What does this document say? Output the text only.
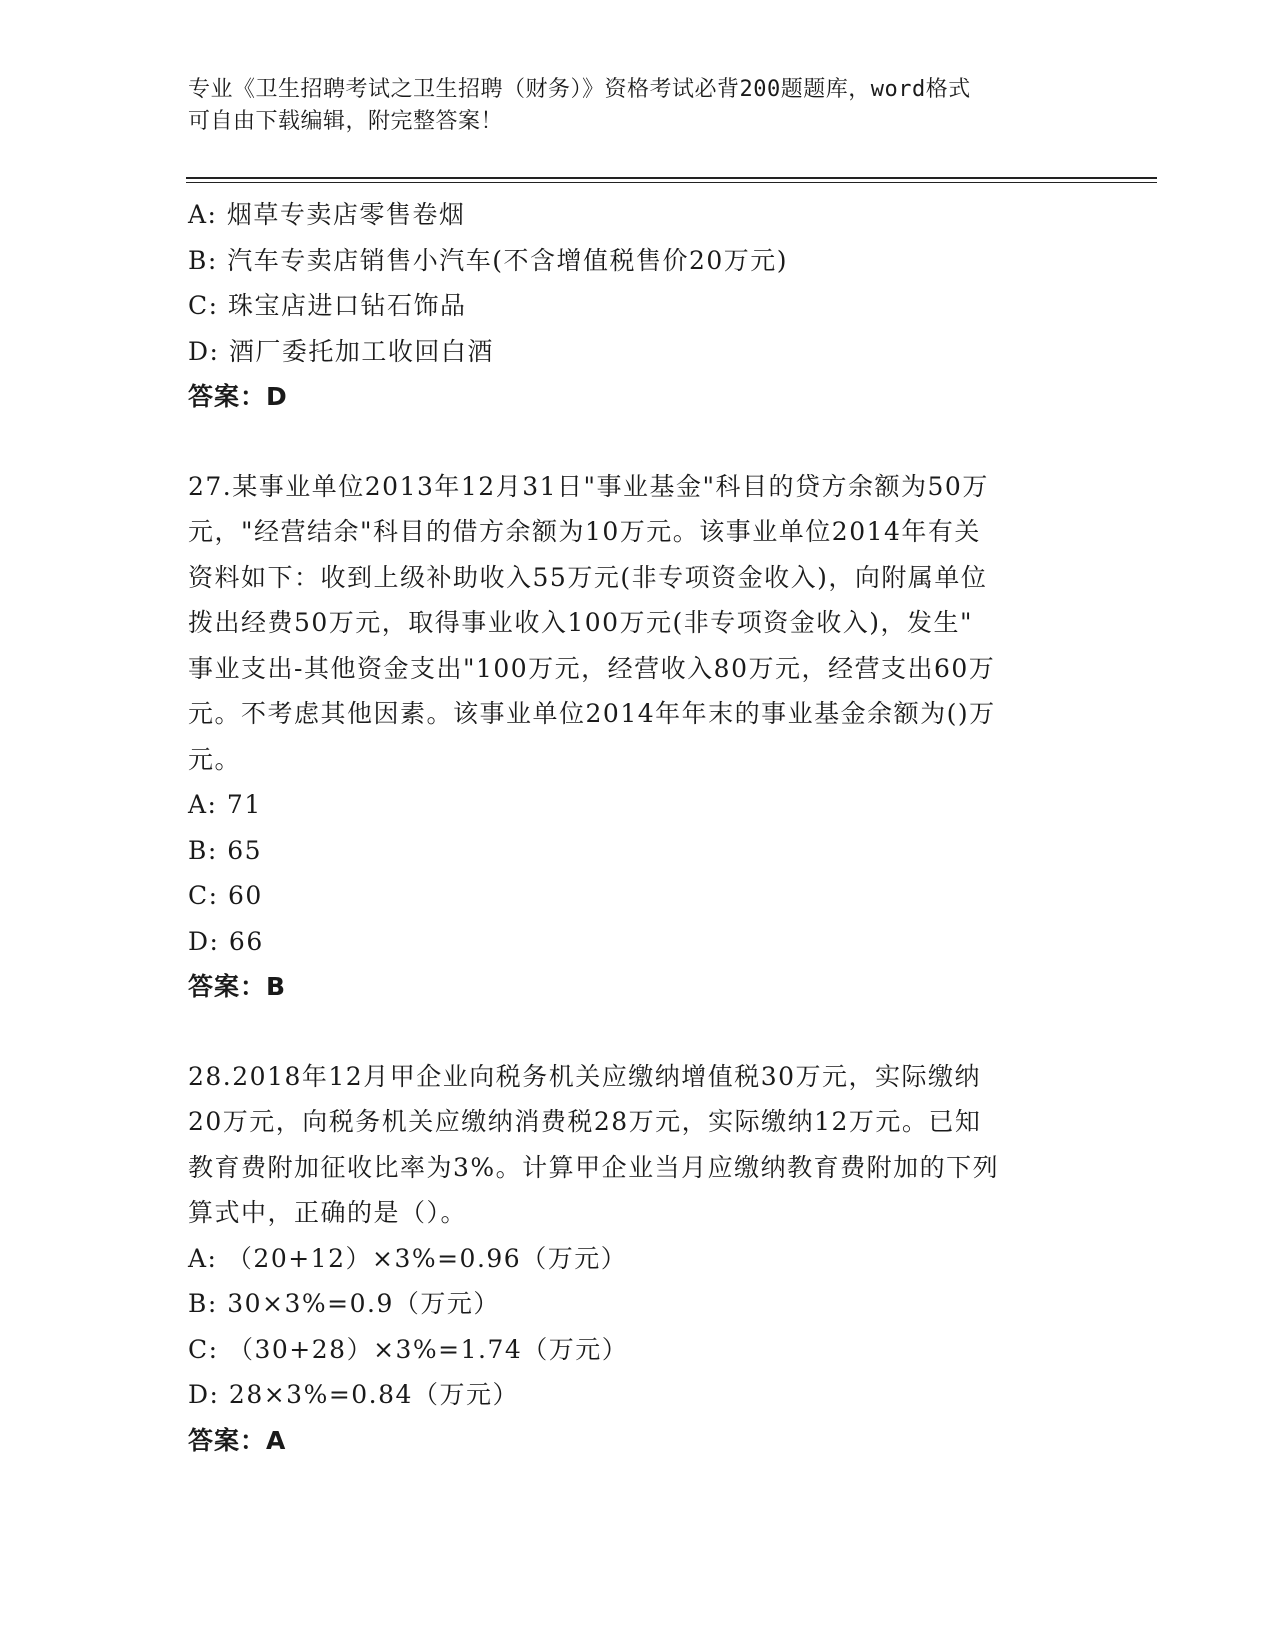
专业《卫生招聘考试之卫生招聘（财务）》资格考试必背200题题库，word格式
可自由下载编辑，附完整答案！
A: 烟草专卖店零售卷烟
B: 汽车专卖店销售小汽车(不含增值税售价20万元)
C: 珠宝店进口钻石饰品
D: 酒厂委托加工收回白酒
答案：D
27.某事业单位2013年12月31日"事业基金"科目的贷方余额为50万
元，"经营结余"科目的借方余额为10万元。该事业单位2014年有关
资料如下：收到上级补助收入55万元(非专项资金收入)，向附属单位
拨出经费50万元，取得事业收入100万元(非专项资金收入)，发生"
事业支出-其他资金支出"100万元，经营收入80万元，经营支出60万
元。不考虑其他因素。该事业单位2014年年末的事业基金余额为()万
元。
A: 71
B: 65
C: 60
D: 66
答案：B
28.2018年12月甲企业向税务机关应缴纳增值税30万元，实际缴纳
20万元，向税务机关应缴纳消费税28万元，实际缴纳12万元。已知
教育费附加征收比率为3%。计算甲企业当月应缴纳教育费附加的下列
算式中，正确的是（）。
A: （20+12）×3%=0.96（万元）
B: 30×3%=0.9（万元）
C: （30+28）×3%=1.74（万元）
D: 28×3%=0.84（万元）
答案：A
